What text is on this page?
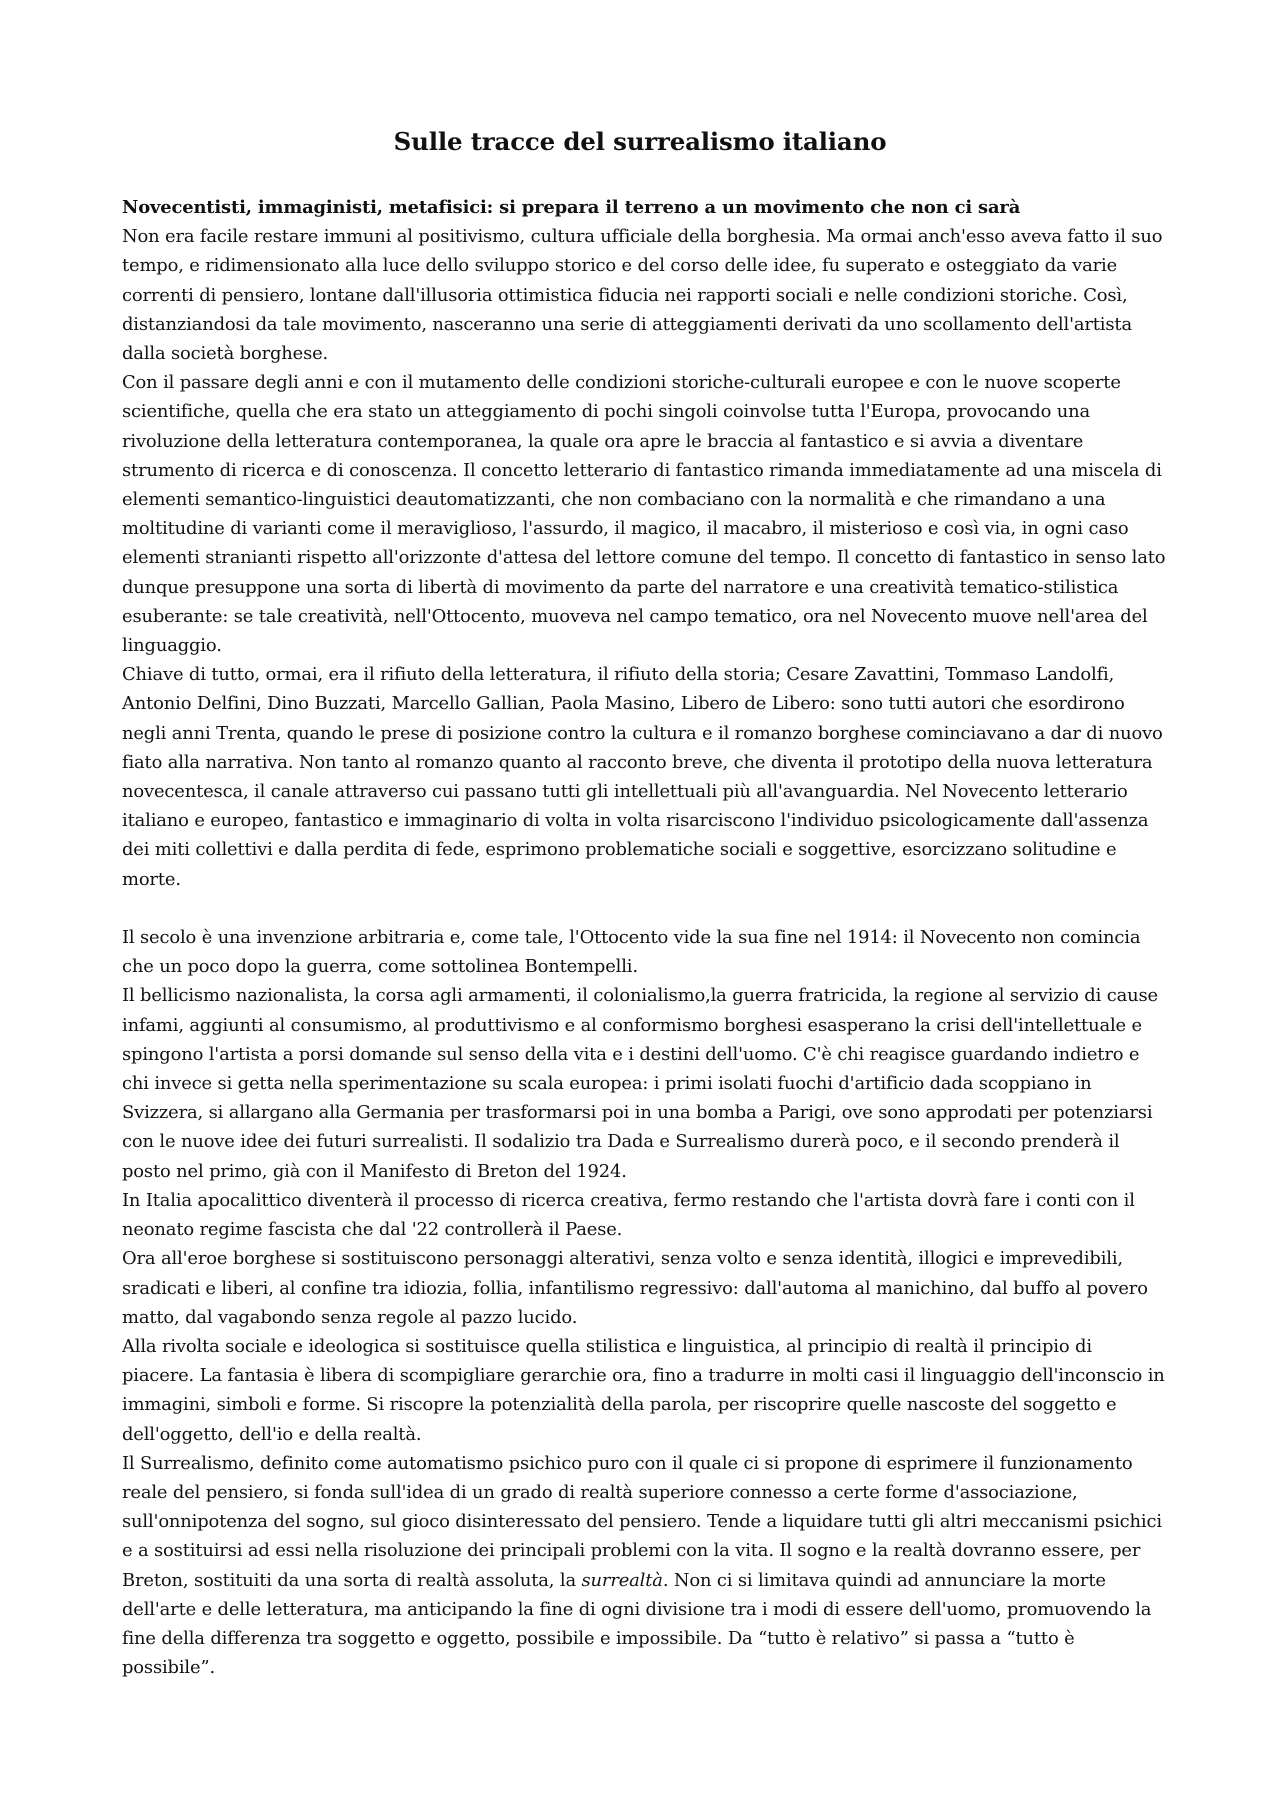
Sulle tracce del surrealismo italiano

Novecentisti, immaginisti, metafisici: si prepara il terreno a un movimento che non ci sarà

Non era facile restare immuni al positivismo, cultura ufficiale della borghesia. Ma ormai anch'esso aveva fatto il suo tempo, e ridimensionato alla luce dello sviluppo storico e del corso delle idee, fu superato e osteggiato da varie correnti di pensiero, lontane dall'illusoria ottimistica fiducia nei rapporti sociali e nelle condizioni storiche. Così, distanziandosi da tale movimento, nasceranno una serie di atteggiamenti derivati da uno scollamento dell'artista dalla società borghese.

Con il passare degli anni e con il mutamento delle condizioni storiche-culturali europee e con le nuove scoperte scientifiche, quella che era stato un atteggiamento di pochi singoli coinvolse tutta l'Europa, provocando una rivoluzione della letteratura contemporanea, la quale ora apre le braccia al fantastico e si avvia a diventare strumento di ricerca e di conoscenza. Il concetto letterario di fantastico rimanda immediatamente ad una miscela di elementi semantico-linguistici deautomatizzanti, che non combaciano con la normalità e che rimandano a una moltitudine di varianti come il meraviglioso, l'assurdo, il magico, il macabro, il misterioso e così via, in ogni caso elementi stranianti rispetto all'orizzonte d'attesa del lettore comune del tempo. Il concetto di fantastico in senso lato dunque presuppone una sorta di libertà di movimento da parte del narratore e una creatività tematico-stilistica esuberante: se tale creatività, nell'Ottocento, muoveva nel campo tematico, ora nel Novecento muove nell'area del linguaggio.

Chiave di tutto, ormai, era il rifiuto della letteratura, il rifiuto della storia; Cesare Zavattini, Tommaso Landolfi, Antonio Delfini, Dino Buzzati, Marcello Gallian, Paola Masino, Libero de Libero: sono tutti autori che esordirono negli anni Trenta, quando le prese di posizione contro la cultura e il romanzo borghese cominciavano a dar di nuovo fiato alla narrativa. Non tanto al romanzo quanto al racconto breve, che diventa il prototipo della nuova letteratura novecentesca, il canale attraverso cui passano tutti gli intellettuali più all'avanguardia. Nel Novecento letterario italiano e europeo, fantastico e immaginario di volta in volta risarciscono l'individuo psicologicamente dall'assenza dei miti collettivi e dalla perdita di fede, esprimono problematiche sociali e soggettive, esorcizzano solitudine e morte.

Il secolo è una invenzione arbitraria e, come tale, l'Ottocento vide la sua fine nel 1914: il Novecento non comincia che un poco dopo la guerra, come sottolinea Bontempelli.

Il bellicismo nazionalista, la corsa agli armamenti, il colonialismo,la guerra fratricida, la regione al servizio di cause infami, aggiunti al consumismo, al produttivismo e al conformismo borghesi esasperano la crisi dell'intellettuale e spingono l'artista a porsi domande sul senso della vita e i destini dell'uomo. C'è chi reagisce guardando indietro e chi invece si getta nella sperimentazione su scala europea: i primi isolati fuochi d'artificio dada scoppiano in Svizzera, si allargano alla Germania per trasformarsi poi in una bomba a Parigi, ove sono approdati per potenziarsi con le nuove idee dei futuri surrealisti. Il sodalizio tra Dada e Surrealismo durerà poco, e il secondo prenderà il posto nel primo, già con il Manifesto di Breton del 1924.

In Italia apocalittico diventerà il processo di ricerca creativa, fermo restando che l'artista dovrà fare i conti con il neonato regime fascista che dal '22 controllerà il Paese.

Ora all'eroe borghese si sostituiscono personaggi alterativi, senza volto e senza identità, illogici e imprevedibili, sradicati e liberi, al confine tra idiozia, follia, infantilismo regressivo: dall'automa al manichino, dal buffo al povero matto, dal vagabondo senza regole al pazzo lucido.

Alla rivolta sociale e ideologica si sostituisce quella stilistica e linguistica, al principio di realtà il principio di piacere. La fantasia è libera di scompigliare gerarchie ora, fino a tradurre in molti casi il linguaggio dell'inconscio in immagini, simboli e forme. Si riscopre la potenzialità della parola, per riscoprire quelle nascoste del soggetto e dell'oggetto, dell'io e della realtà.

Il Surrealismo, definito come automatismo psichico puro con il quale ci si propone di esprimere il funzionamento reale del pensiero, si fonda sull'idea di un grado di realtà superiore connesso a certe forme d'associazione, sull'onnipotenza del sogno, sul gioco disinteressato del pensiero. Tende a liquidare tutti gli altri meccanismi psichici e a sostituirsi ad essi nella risoluzione dei principali problemi con la vita. Il sogno e la realtà dovranno essere, per Breton, sostituiti da una sorta di realtà assoluta, la surrealtà. Non ci si limitava quindi ad annunciare la morte dell'arte e delle letteratura, ma anticipando la fine di ogni divisione tra i modi di essere dell'uomo, promuovendo la fine della differenza tra soggetto e oggetto, possibile e impossibile. Da “tutto è relativo” si passa a “tutto è possibile”.
